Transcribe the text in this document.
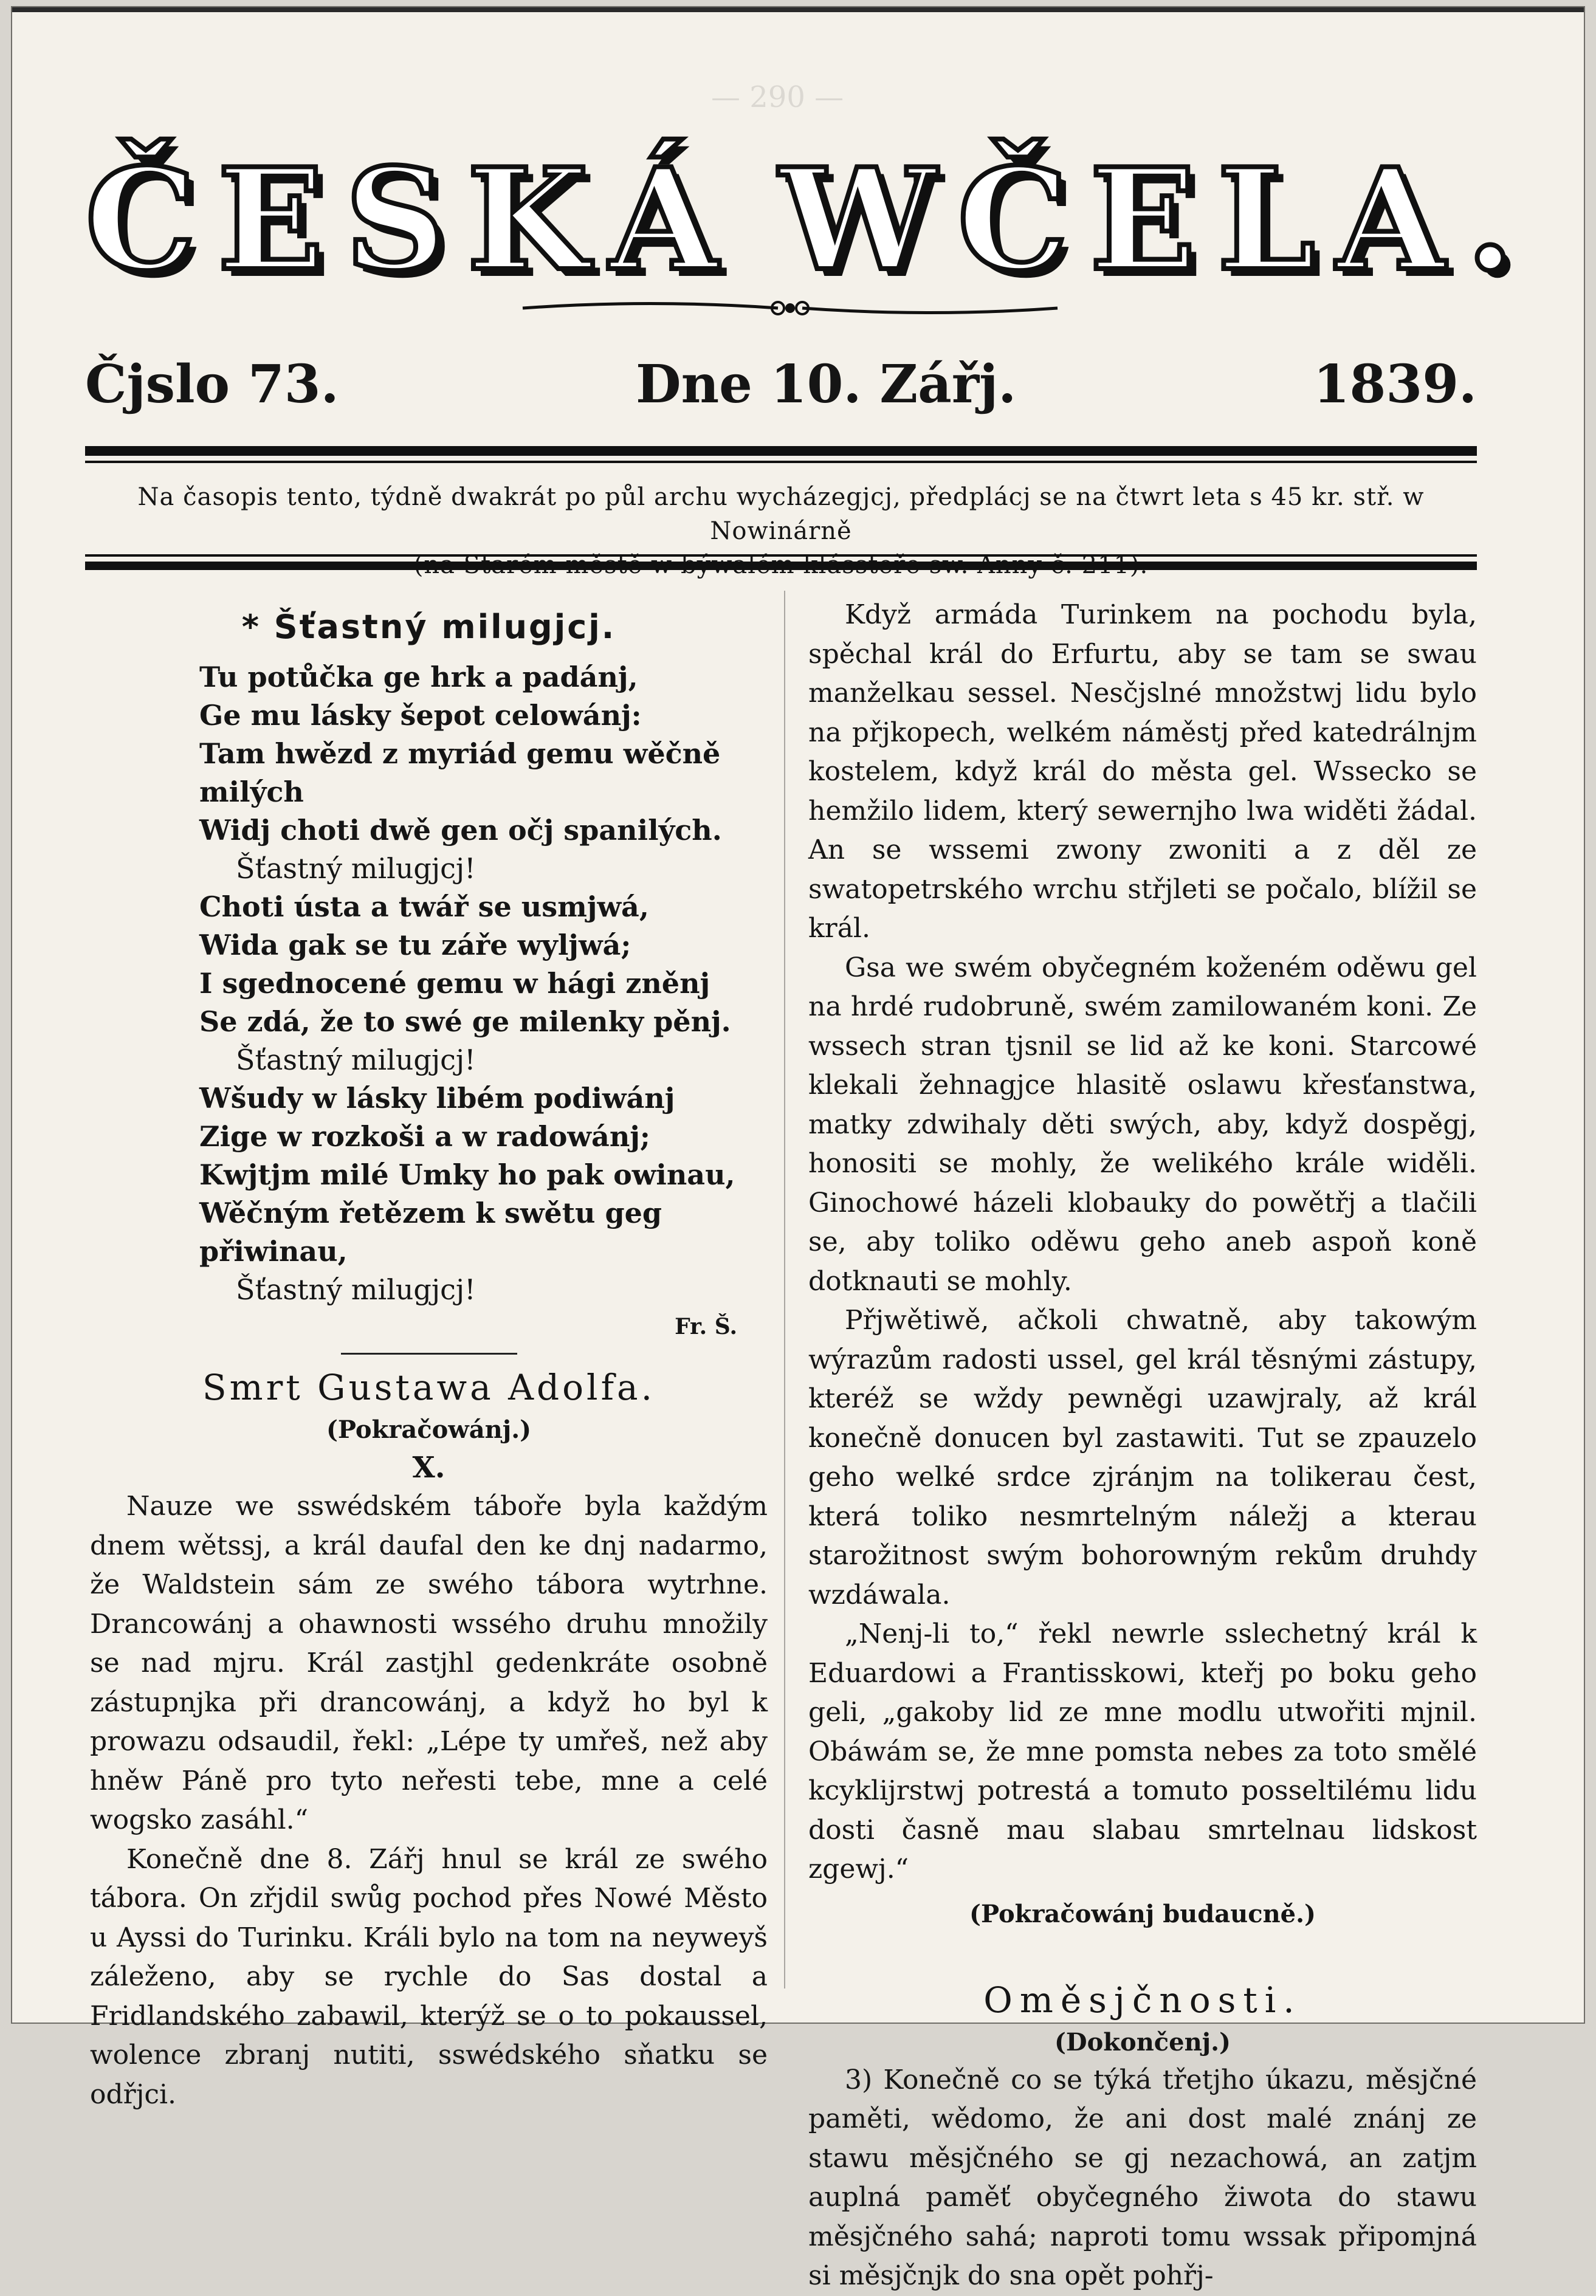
— 290 —
Č E S K Á W Č E L A .
Čjslo 73.	Dne 10. Zářj.	1839.
Na časopis tento, týdně dwakrát po půl archu wycházegjcj, předplácj se na čtwrt leta s 45 kr. stř. w Nowinárně
* Šťastný milugjcj.
Tu potůčka ge hrk a padánj,
Ge mu lásky šepot celowánj:
Tam hwězd z myriád gemu wěčně milých
Widj choti dwě gen očj spanilých.
Šťastný milugjcj!
Choti ústa a twář se usmjwá,
Wida gak se tu záře wyljwá;
I sgednocené gemu w hági zněnj
Se zdá, že to swé ge milenky pěnj.
Šťastný milugjcj!
Wšudy w lásky libém podiwánj
Zige w rozkoši a w radowánj;
Kwjtjm milé Umky ho pak owinau,
Wěčným řetězem k swětu geg přiwinau,
Šťastný milugjcj!
Fr. Š.
Smrt Gustawa Adolfa.
(Pokračowánj.)
X.

Nauze we sswédském táboře byla každým dnem wětssj, a král daufal den ke dnj nadarmo, že Waldstein sám ze swého tábora wytrhne. Drancowánj a ohawnosti wssého druhu množily se nad mjru. Král zastjhl gedenkráte osobně zástupnjka při drancowánj, a když ho byl k prowazu odsaudil, řekl: „Lépe ty umřeš, než aby hněw Páně pro tyto neřesti tebe, mne a celé wogsko zasáhl.“

Konečně dne 8. Zářj hnul se král ze swého tábora. On zřjdil swůg pochod přes Nowé Město u Ayssi do Turinku. Králi bylo na tom na neyweyš záleženo, aby se rychle do Sas dostal a Fridlandského zabawil, kterýž se o to pokaussel, wolence zbranj nutiti, sswédského sňatku se odřjci.

Když armáda Turinkem na pochodu byla, spěchal král do Erfurtu, aby se tam se swau manželkau sessel. Nesčjslné množstwj lidu bylo na přjkopech, welkém náměstj před katedrálnjm kostelem, když král do města gel. Wssecko se hemžilo lidem, který sewernjho lwa widěti žádal. An se wssemi zwony zwoniti a z děl ze swatopetrského wrchu střjleti se počalo, blížil se král.

Gsa we swém obyčegném koženém oděwu gel na hrdé rudobruně, swém zamilowaném koni. Ze wssech stran tjsnil se lid až ke koni. Starcowé klekali žehnagjce hlasitě oslawu křesťanstwa, matky zdwihaly děti swých, aby, když dospěgj, honositi se mohly, že welikého krále widěli. Ginochowé házeli klobauky do powětřj a tlačili se, aby toliko oděwu geho aneb aspoň koně dotknauti se mohly.

Přjwětiwě, ačkoli chwatně, aby takowým wýrazům radosti ussel, gel král těsnými zástupy, kteréž se wždy pewněgi uzawjraly, až král konečně donucen byl zastawiti. Tut se zpauzelo geho welké srdce zjránjm na tolikerau čest, která toliko nesmrtelným náležj a kterau starožitnost swým bohorowným rekům druhdy wzdáwala.

„Nenj-li to,“ řekl newrle sslechetný král k Eduardowi a Frantisskowi, kteřj po boku geho geli, „gakoby lid ze mne modlu utwořiti mjnil. Obáwám se, že mne pomsta nebes za toto smělé kcyklijrstwj potrestá a tomuto posseltilému lidu dosti časně mau slabau smrtelnau lidskost zgewj.“

(Pokračowánj budaucně.)
Oměsjčnosti.
(Dokončenj.)

3) Konečně co se týká třetjho úkazu, měsjčné paměti, wědomo, že ani dost malé znánj ze stawu měsjčného se gj nezachowá, an zatjm auplná paměť obyčegného žiwota do stawu měsjčného sahá; naproti tomu wssak připomjná si měsjčnjk do sna opět pohřj-
